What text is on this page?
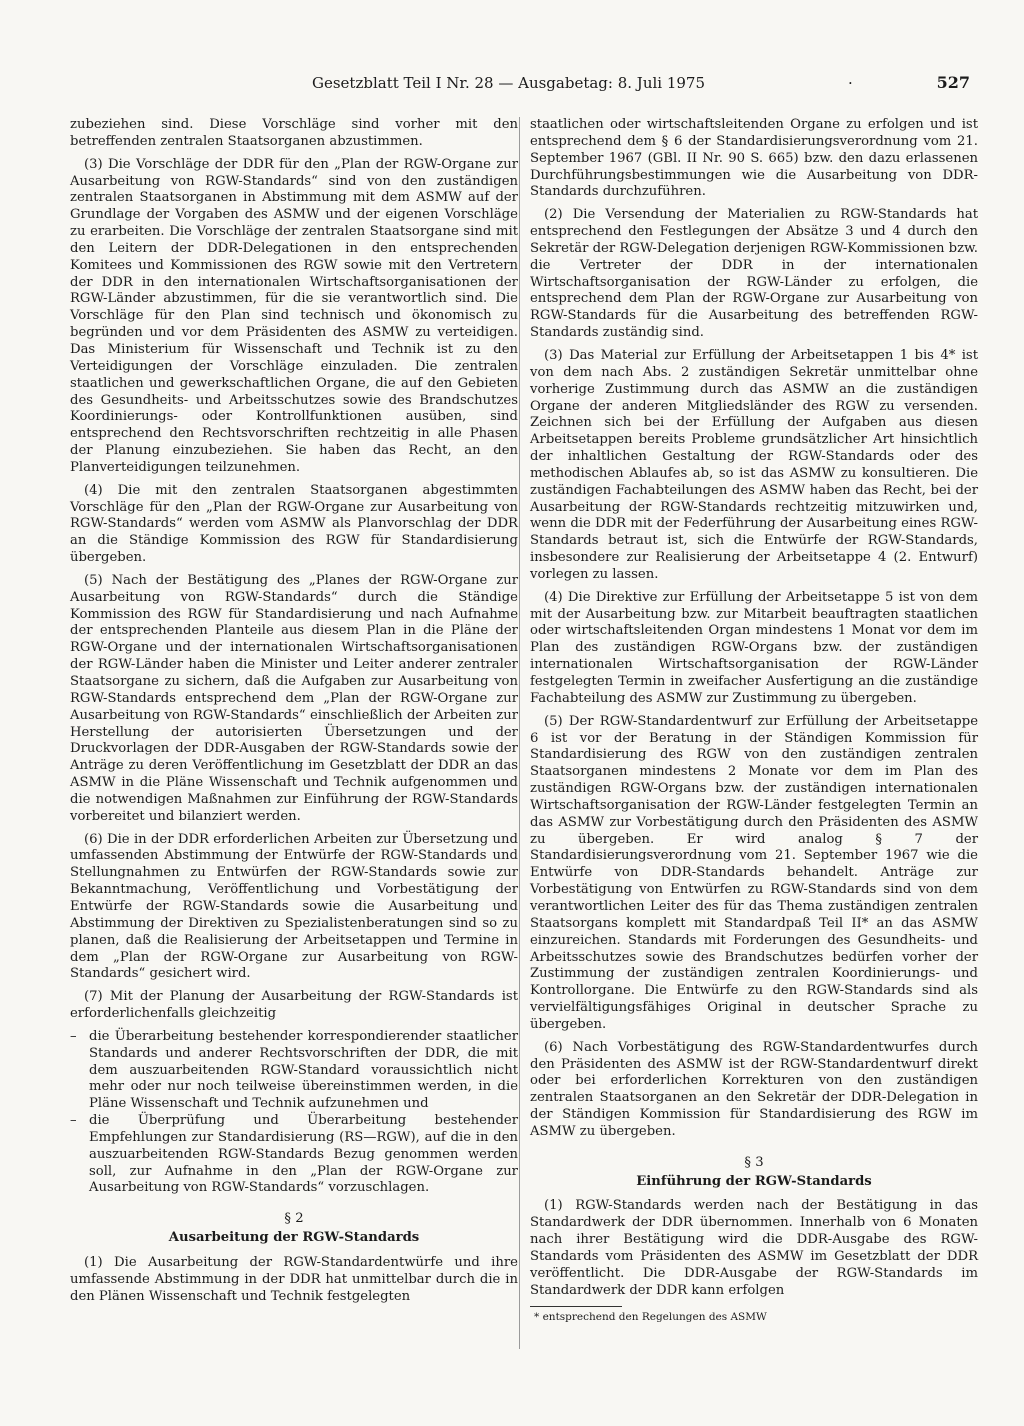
Gesetzblatt Teil I Nr. 28 — Ausgabetag: 8. Juli 1975	·	527

zubeziehen sind. Diese Vorschläge sind vorher mit den betreffenden zentralen Staatsorganen abzustimmen.

(3) Die Vorschläge der DDR für den „Plan der RGW-Organe zur Ausarbeitung von RGW-Standards“ sind von den zuständigen zentralen Staatsorganen in Abstimmung mit dem ASMW auf der Grundlage der Vorgaben des ASMW und der eigenen Vorschläge zu erarbeiten. Die Vorschläge der zentralen Staatsorgane sind mit den Leitern der DDR-Delegationen in den entsprechenden Komitees und Kommissionen des RGW sowie mit den Vertretern der DDR in den internationalen Wirtschaftsorganisationen der RGW-Länder abzustimmen, für die sie verantwortlich sind. Die Vorschläge für den Plan sind technisch und ökonomisch zu begründen und vor dem Präsidenten des ASMW zu verteidigen. Das Ministerium für Wissenschaft und Technik ist zu den Verteidigungen der Vorschläge einzuladen. Die zentralen staatlichen und gewerkschaftlichen Organe, die auf den Gebieten des Gesundheits- und Arbeitsschutzes sowie des Brandschutzes Koordinierungs- oder Kontrollfunktionen ausüben, sind entsprechend den Rechtsvorschriften rechtzeitig in alle Phasen der Planung einzubeziehen. Sie haben das Recht, an den Planverteidigungen teilzunehmen.

(4) Die mit den zentralen Staatsorganen abgestimmten Vorschläge für den „Plan der RGW-Organe zur Ausarbeitung von RGW-Standards“ werden vom ASMW als Planvorschlag der DDR an die Ständige Kommission des RGW für Standardisierung übergeben.

(5) Nach der Bestätigung des „Planes der RGW-Organe zur Ausarbeitung von RGW-Standards“ durch die Ständige Kommission des RGW für Standardisierung und nach Aufnahme der entsprechenden Planteile aus diesem Plan in die Pläne der RGW-Organe und der internationalen Wirtschaftsorganisationen der RGW-Länder haben die Minister und Leiter anderer zentraler Staatsorgane zu sichern, daß die Aufgaben zur Ausarbeitung von RGW-Standards entsprechend dem „Plan der RGW-Organe zur Ausarbeitung von RGW-Standards“ einschließlich der Arbeiten zur Herstellung der autorisierten Übersetzungen und der Druckvorlagen der DDR-Ausgaben der RGW-Standards sowie der Anträge zu deren Veröffentlichung im Gesetzblatt der DDR an das ASMW in die Pläne Wissenschaft und Technik aufgenommen und die notwendigen Maßnahmen zur Einführung der RGW-Standards vorbereitet und bilanziert werden.

(6) Die in der DDR erforderlichen Arbeiten zur Übersetzung und umfassenden Abstimmung der Entwürfe der RGW-Standards und Stellungnahmen zu Entwürfen der RGW-Standards sowie zur Bekanntmachung, Veröffentlichung und Vorbestätigung der Entwürfe der RGW-Standards sowie die Ausarbeitung und Abstimmung der Direktiven zu Spezialistenberatungen sind so zu planen, daß die Realisierung der Arbeitsetappen und Termine in dem „Plan der RGW-Organe zur Ausarbeitung von RGW-Standards“ gesichert wird.

(7) Mit der Planung der Ausarbeitung der RGW-Standards ist erforderlichenfalls gleichzeitig

– die Überarbeitung bestehender korrespondierender staatlicher Standards und anderer Rechtsvorschriften der DDR, die mit dem auszuarbeitenden RGW-Standard voraussichtlich nicht mehr oder nur noch teilweise übereinstimmen werden, in die Pläne Wissenschaft und Technik aufzunehmen und
– die Überprüfung und Überarbeitung bestehender Empfehlungen zur Standardisierung (RS—RGW), auf die in den auszuarbeitenden RGW-Standards Bezug genommen werden soll, zur Aufnahme in den „Plan der RGW-Organe zur Ausarbeitung von RGW-Standards“ vorzuschlagen.
§ 2
Ausarbeitung der RGW-Standards

(1) Die Ausarbeitung der RGW-Standardentwürfe und ihre umfassende Abstimmung in der DDR hat unmittelbar durch die in den Plänen Wissenschaft und Technik festgelegten

staatlichen oder wirtschaftsleitenden Organe zu erfolgen und ist entsprechend dem § 6 der Standardisierungsverordnung vom 21. September 1967 (GBl. II Nr. 90 S. 665) bzw. den dazu erlassenen Durchführungsbestimmungen wie die Ausarbeitung von DDR-Standards durchzuführen.

(2) Die Versendung der Materialien zu RGW-Standards hat entsprechend den Festlegungen der Absätze 3 und 4 durch den Sekretär der RGW-Delegation derjenigen RGW-Kommissionen bzw. die Vertreter der DDR in der internationalen Wirtschaftsorganisation der RGW-Länder zu erfolgen, die entsprechend dem Plan der RGW-Organe zur Ausarbeitung von RGW-Standards für die Ausarbeitung des betreffenden RGW-Standards zuständig sind.

(3) Das Material zur Erfüllung der Arbeitsetappen 1 bis 4* ist von dem nach Abs. 2 zuständigen Sekretär unmittelbar ohne vorherige Zustimmung durch das ASMW an die zuständigen Organe der anderen Mitgliedsländer des RGW zu versenden. Zeichnen sich bei der Erfüllung der Aufgaben aus diesen Arbeitsetappen bereits Probleme grundsätzlicher Art hinsichtlich der inhaltlichen Gestaltung der RGW-Standards oder des methodischen Ablaufes ab, so ist das ASMW zu konsultieren. Die zuständigen Fachabteilungen des ASMW haben das Recht, bei der Ausarbeitung der RGW-Standards rechtzeitig mitzuwirken und, wenn die DDR mit der Federführung der Ausarbeitung eines RGW-Standards betraut ist, sich die Entwürfe der RGW-Standards, insbesondere zur Realisierung der Arbeitsetappe 4 (2. Entwurf) vorlegen zu lassen.

(4) Die Direktive zur Erfüllung der Arbeitsetappe 5 ist von dem mit der Ausarbeitung bzw. zur Mitarbeit beauftragten staatlichen oder wirtschaftsleitenden Organ mindestens 1 Monat vor dem im Plan des zuständigen RGW-Organs bzw. der zuständigen internationalen Wirtschaftsorganisation der RGW-Länder festgelegten Termin in zweifacher Ausfertigung an die zuständige Fachabteilung des ASMW zur Zustimmung zu übergeben.

(5) Der RGW-Standardentwurf zur Erfüllung der Arbeitsetappe 6 ist vor der Beratung in der Ständigen Kommission für Standardisierung des RGW von den zuständigen zentralen Staatsorganen mindestens 2 Monate vor dem im Plan des zuständigen RGW-Organs bzw. der zuständigen internationalen Wirtschaftsorganisation der RGW-Länder festgelegten Termin an das ASMW zur Vorbestätigung durch den Präsidenten des ASMW zu übergeben. Er wird analog § 7 der Standardisierungsverordnung vom 21. September 1967 wie die Entwürfe von DDR-Standards behandelt. Anträge zur Vorbestätigung von Entwürfen zu RGW-Standards sind von dem verantwortlichen Leiter des für das Thema zuständigen zentralen Staatsorgans komplett mit Standardpaß Teil II* an das ASMW einzureichen. Standards mit Forderungen des Gesundheits- und Arbeitsschutzes sowie des Brandschutzes bedürfen vorher der Zustimmung der zuständigen zentralen Koordinierungs- und Kontrollorgane. Die Entwürfe zu den RGW-Standards sind als vervielfältigungsfähiges Original in deutscher Sprache zu übergeben.

(6) Nach Vorbestätigung des RGW-Standardentwurfes durch den Präsidenten des ASMW ist der RGW-Standardentwurf direkt oder bei erforderlichen Korrekturen von den zuständigen zentralen Staatsorganen an den Sekretär der DDR-Delegation in der Ständigen Kommission für Standardisierung des RGW im ASMW zu übergeben.

§ 3
Einführung der RGW-Standards

(1) RGW-Standards werden nach der Bestätigung in das Standardwerk der DDR übernommen. Innerhalb von 6 Monaten nach ihrer Bestätigung wird die DDR-Ausgabe des RGW-Standards vom Präsidenten des ASMW im Gesetzblatt der DDR veröffentlicht. Die DDR-Ausgabe der RGW-Standards im Standardwerk der DDR kann erfolgen

* entsprechend den Regelungen des ASMW
